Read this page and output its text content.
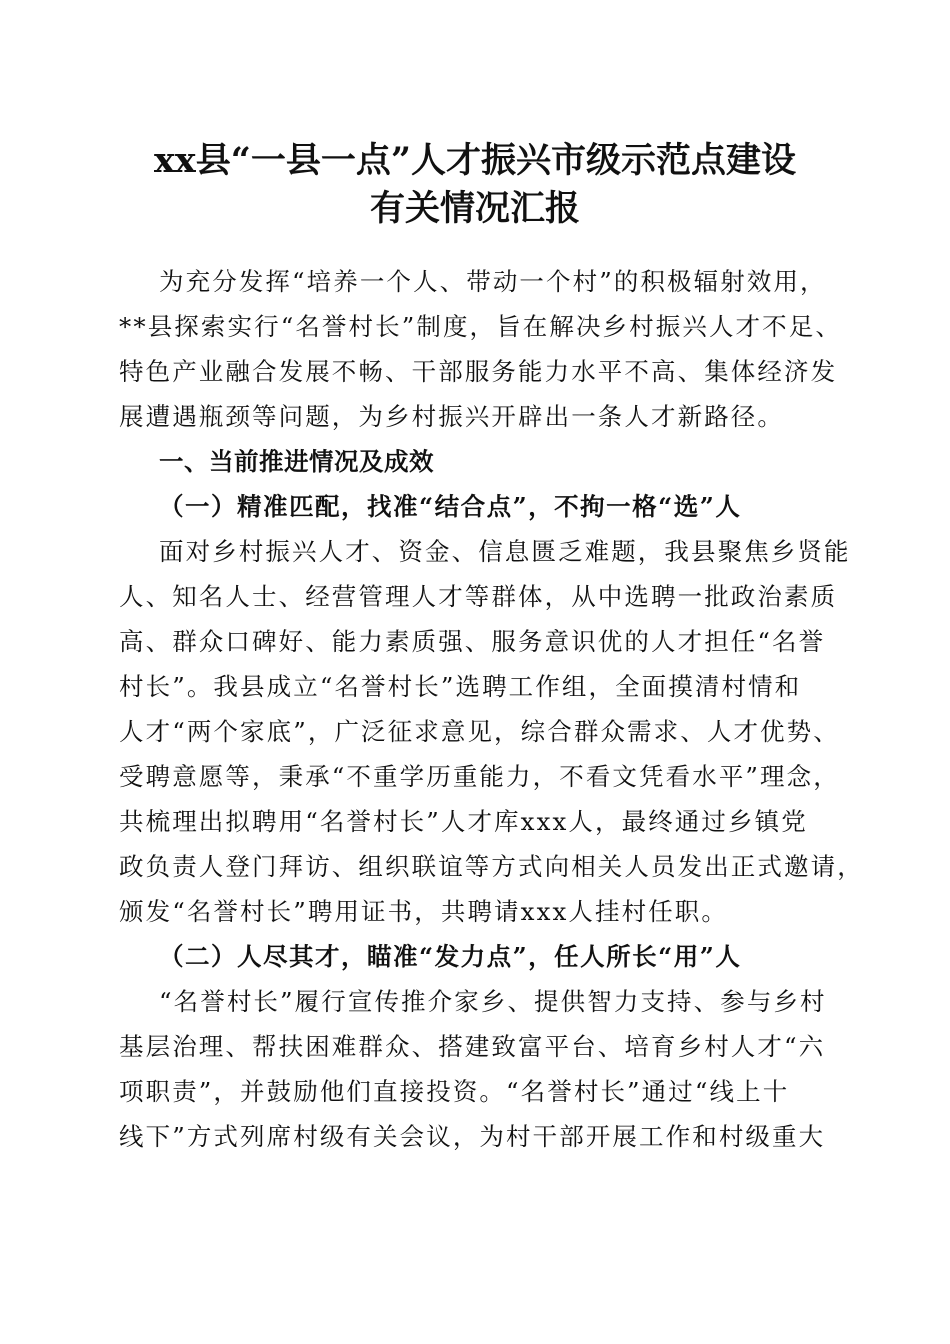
xx县“一县一点”人才振兴市级示范点建设
有关情况汇报
为充分发挥“培养一个人、带动一个村”的积极辐射效用，
**县探索实行“名誉村长”制度，旨在解决乡村振兴人才不足、
特色产业融合发展不畅、干部服务能力水平不高、集体经济发
展遭遇瓶颈等问题，为乡村振兴开辟出一条人才新路径。
一、当前推进情况及成效
（一）精准匹配，找准“结合点”，不拘一格“选”人
面对乡村振兴人才、资金、信息匮乏难题，我县聚焦乡贤能
人、知名人士、经营管理人才等群体，从中选聘一批政治素质
高、群众口碑好、能力素质强、服务意识优的人才担任“名誉
村长”。我县成立“名誉村长”选聘工作组，全面摸清村情和
人才“两个家底”，广泛征求意见，综合群众需求、人才优势、
受聘意愿等，秉承“不重学历重能力，不看文凭看水平”理念，
共梳理出拟聘用“名誉村长”人才库xxx人，最终通过乡镇党
政负责人登门拜访、组织联谊等方式向相关人员发出正式邀请，
颁发“名誉村长”聘用证书，共聘请xxx人挂村任职。
（二）人尽其才，瞄准“发力点”，任人所长“用”人
“名誉村长”履行宣传推介家乡、提供智力支持、参与乡村
基层治理、帮扶困难群众、搭建致富平台、培育乡村人才“六
项职责”，并鼓励他们直接投资。“名誉村长”通过“线上十
线下”方式列席村级有关会议，为村干部开展工作和村级重大
